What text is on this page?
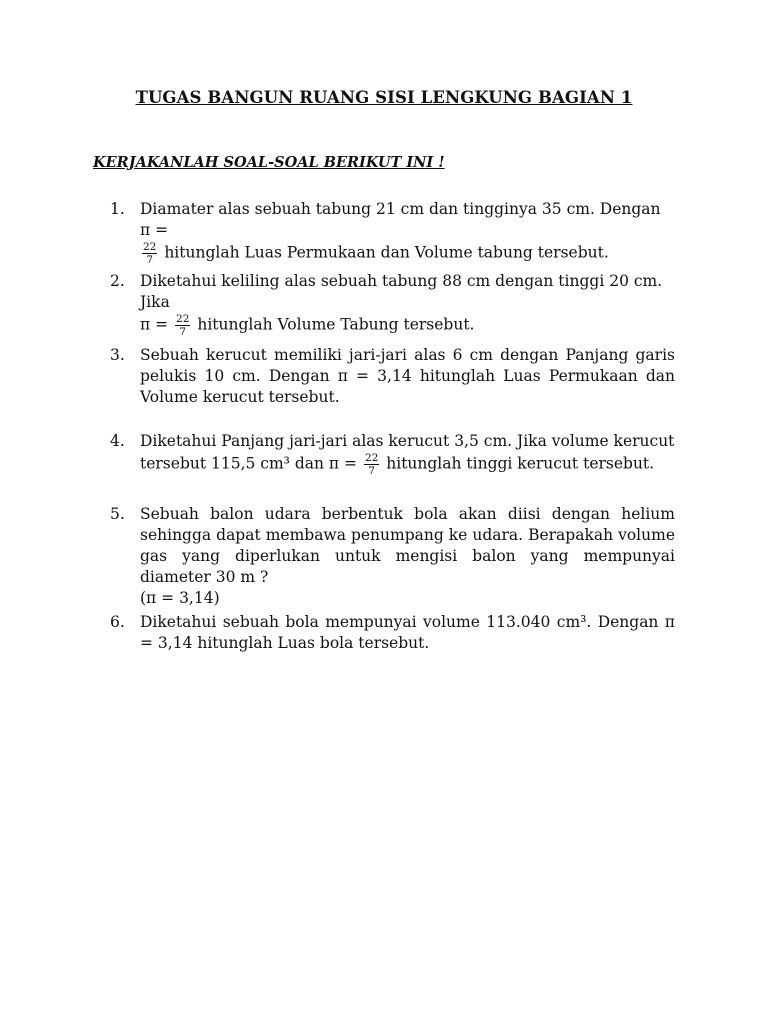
TUGAS BANGUN RUANG SISI LENGKUNG BAGIAN 1
KERJAKANLAH SOAL-SOAL BERIKUT INI !
1. Diamater alas sebuah tabung 21 cm dan tingginya 35 cm. Dengan π =
$\frac{22}{7}$ hitunglah Luas Permukaan dan Volume tabung tersebut.
2. Diketahui keliling alas sebuah tabung 88 cm dengan tinggi 20 cm. Jika
$\pi = \frac{22}{7}$ hitunglah Volume Tabung tersebut.
3. Sebuah kerucut memiliki jari-jari alas 6 cm dengan Panjang garis pelukis 10 cm. Dengan π = 3,14 hitunglah Luas Permukaan dan Volume kerucut tersebut.
4. Diketahui Panjang jari-jari alas kerucut 3,5 cm. Jika volume kerucut
tersebut 115,5 cm³ dan $\pi = \frac{22}{7}$ hitunglah tinggi kerucut tersebut.
5. Sebuah balon udara berbentuk bola akan diisi dengan helium sehingga dapat membawa penumpang ke udara. Berapakah volume gas yang diperlukan untuk mengisi balon yang mempunyai diameter 30 m ?
(π = 3,14)
6. Diketahui sebuah bola mempunyai volume 113.040 cm³. Dengan π = 3,14 hitunglah Luas bola tersebut.
